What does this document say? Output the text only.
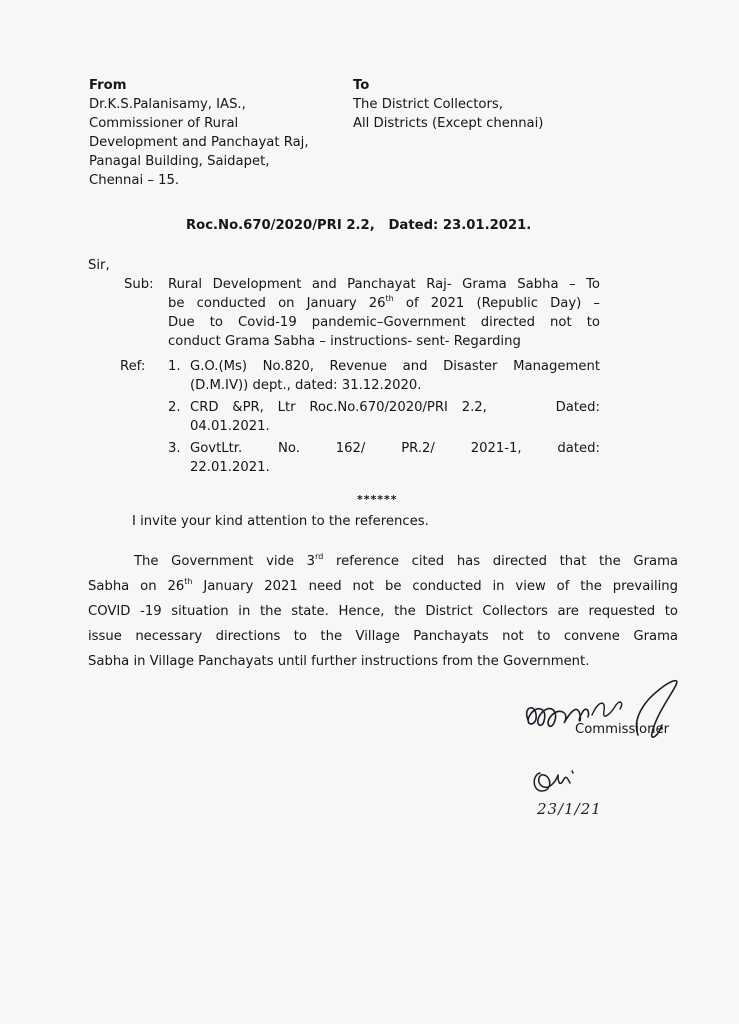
From
Dr.K.S.Palanisamy, IAS.,
Commissioner of Rural
Development and Panchayat Raj,
Panagal Building, Saidapet,
Chennai – 15.
To
The District Collectors,
All Districts (Except chennai)
Roc.No.670/2020/PRI 2.2,   Dated: 23.01.2021.
Sir,
Sub: Rural Development and Panchayat Raj- Grama Sabha – To
be conducted on January 26th of 2021 (Republic Day) –
Due to Covid-19 pandemic–Government directed not to
conduct Grama Sabha – instructions- sent- Regarding
Ref: 1. G.O.(Ms) No.820, Revenue and Disaster Management
(D.M.IV)) dept., dated: 31.12.2020.
2. CRD &PR, Ltr Roc.No.670/2020/PRI 2.2,     Dated:
04.01.2021.
3. GovtLtr.   No.   162/   PR.2/   2021-1,   dated:
22.01.2021.
******
I invite your kind attention to the references.
The Government vide 3rd reference cited has directed that the Grama
Sabha on 26th January 2021 need not be conducted in view of the prevailing
COVID -19 situation in the state. Hence, the District Collectors are requested to
issue necessary directions to the Village Panchayats not to convene Grama
Sabha in Village Panchayats until further instructions from the Government.
Commissioner
23/1/21
